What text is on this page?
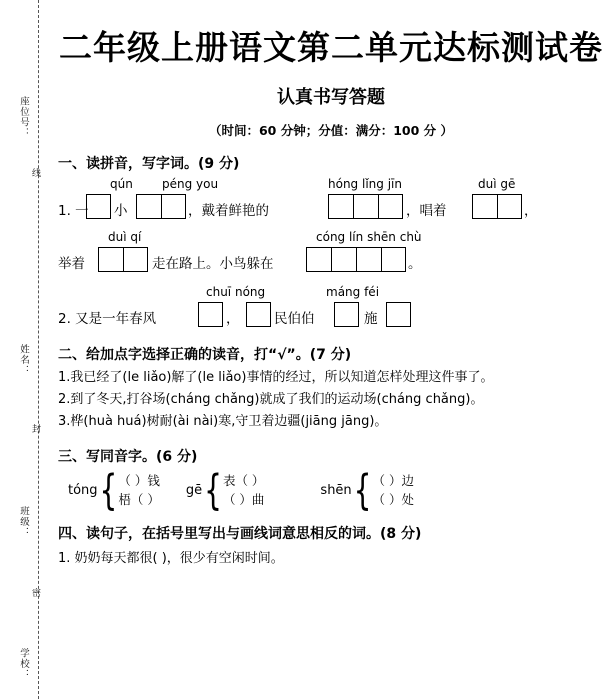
座位号：
线
姓名：
封
班级：
密
学校：
二年级上册语文第二单元达标测试卷
认真书写答题
（时间：60 分钟；分值：满分：100 分 ）
一、读拼音，写字词。(9 分)
qún péng you	hóng lǐng jīn	duì gē
1. 一 小	，戴着鲜艳的	，唱着	，
duì qí	cóng lín shēn chù
举着	走在路上。小鸟躲在	。
chuī nóng	máng féi
2. 又是一年春风	，	民伯伯	施
二、给加点字选择正确的读音，打“√”。(7 分)
1.我已经了(le liǎo)解了(le liǎo)事情的经过，所以知道怎样处理这件事了。
2.到了冬天,打谷场(cháng chǎng)就成了我们的运动场(cháng chǎng)。
3.桦(huà huá)树耐(ài nài)寒,守卫着边疆(jiāng jāng)。
三、写同音字。(6 分)
tóng { （ ）钱
梧（ ）
gē { 表（ ）
（ ）曲
shēn { （ ）边
（ ）处
四、读句子，在括号里写出与画线词意思相反的词。(8 分)
1. 奶奶每天都很( )，很少有空闲时间。
